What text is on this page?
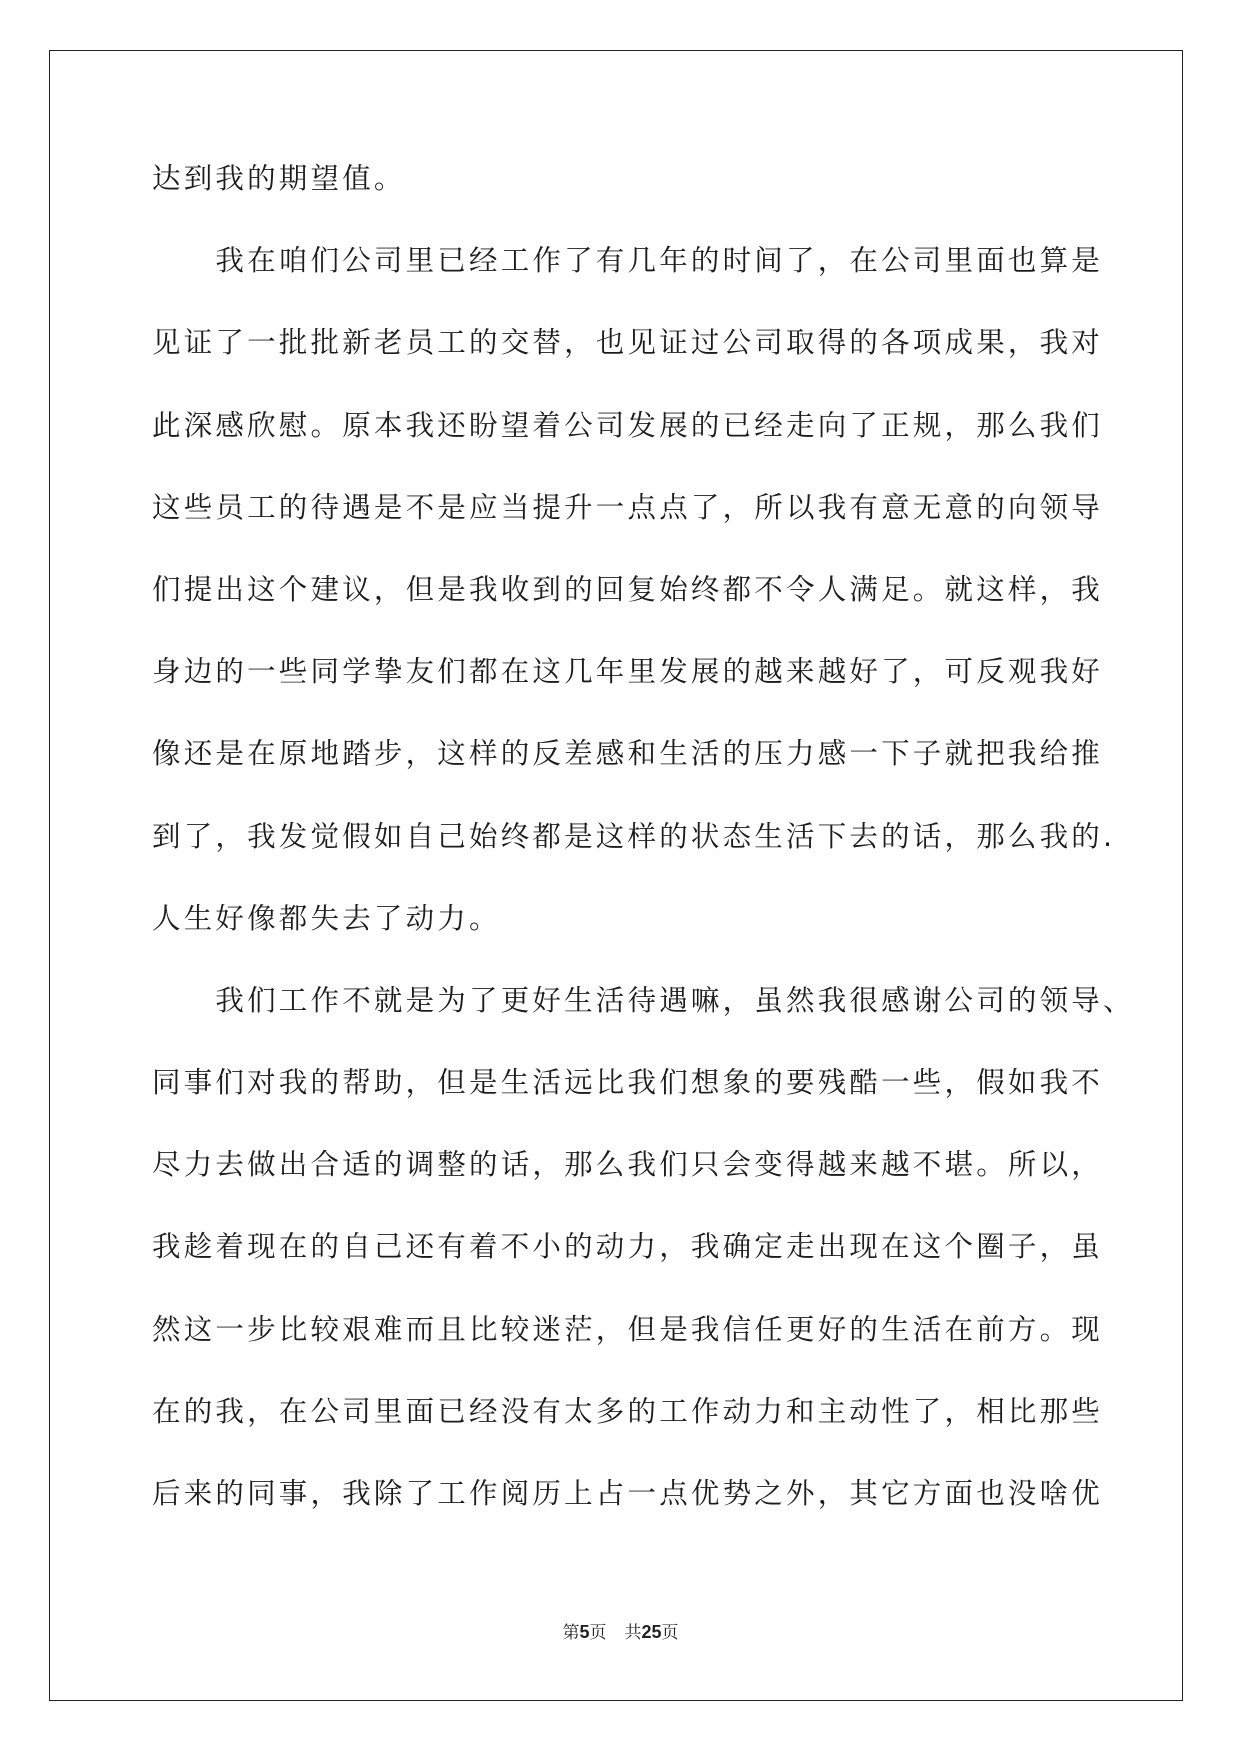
达到我的期望值。
　　我在咱们公司里已经工作了有几年的时间了，在公司里面也算是
见证了一批批新老员工的交替，也见证过公司取得的各项成果，我对
此深感欣慰。原本我还盼望着公司发展的已经走向了正规，那么我们
这些员工的待遇是不是应当提升一点点了，所以我有意无意的向领导
们提出这个建议，但是我收到的回复始终都不令人满足。就这样，我
身边的一些同学挚友们都在这几年里发展的越来越好了，可反观我好
像还是在原地踏步，这样的反差感和生活的压力感一下子就把我给推
到了，我发觉假如自己始终都是这样的状态生活下去的话，那么我的.
人生好像都失去了动力。
　　我们工作不就是为了更好生活待遇嘛，虽然我很感谢公司的领导、
同事们对我的帮助，但是生活远比我们想象的要残酷一些，假如我不
尽力去做出合适的调整的话，那么我们只会变得越来越不堪。所以，
我趁着现在的自己还有着不小的动力，我确定走出现在这个圈子，虽
然这一步比较艰难而且比较迷茫，但是我信任更好的生活在前方。现
在的我，在公司里面已经没有太多的工作动力和主动性了，相比那些
后来的同事，我除了工作阅历上占一点优势之外，其它方面也没啥优
第5页 共25页
